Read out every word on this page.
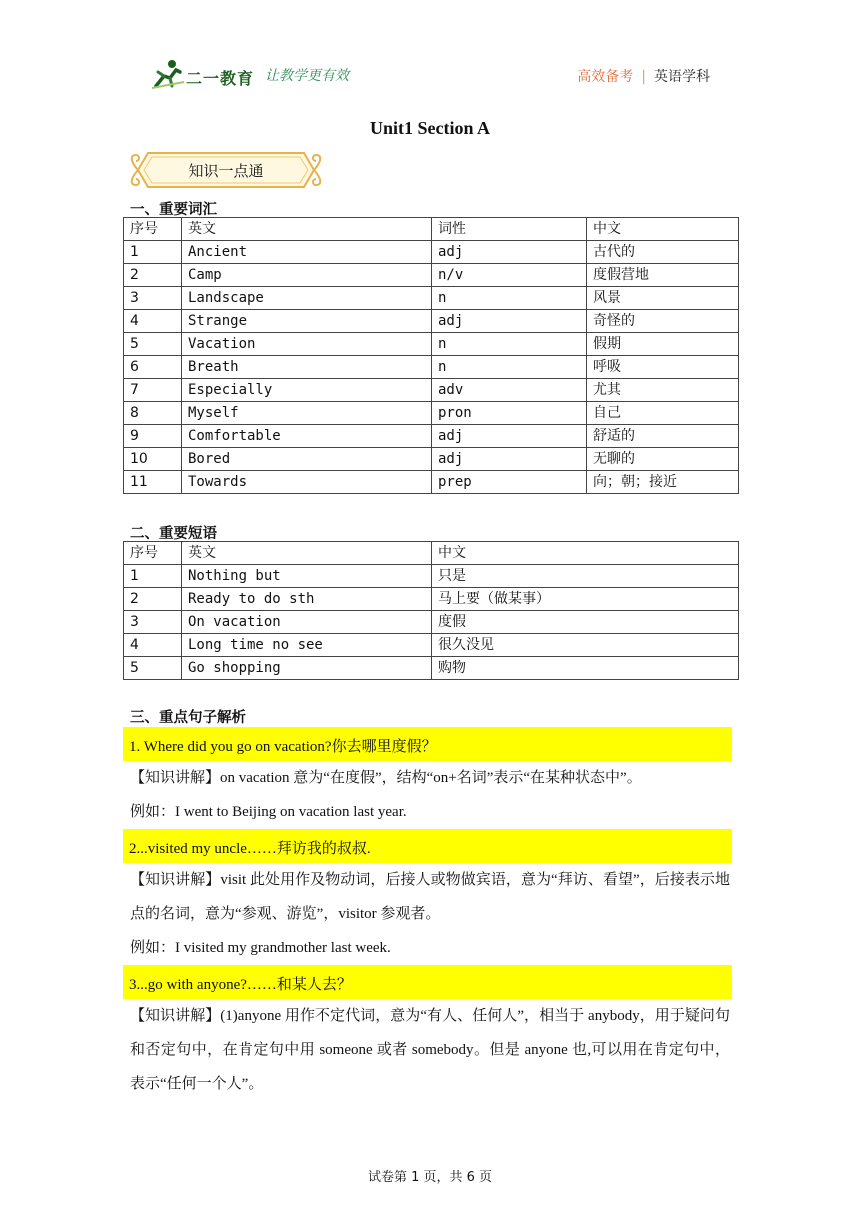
二一教育 让教学更有效	高效备考 | 英语学科
Unit1 Section A
知识一点通
一、重要词汇
序号	英文	词性	中文
1	Ancient	adj	古代的
2	Camp	n/v	度假营地
3	Landscape	n	风景
4	Strange	adj	奇怪的
5	Vacation	n	假期
6	Breath	n	呼吸
7	Especially	adv	尤其
8	Myself	pron	自己
9	Comfortable	adj	舒适的
10	Bored	adj	无聊的
11	Towards	prep	向；朝；接近
二、重要短语
序号	英文	中文
1	Nothing but	只是
2	Ready to do sth	马上要（做某事）
3	On vacation	度假
4	Long time no see	很久没见
5	Go shopping	购物
三、重点句子解析
1. Where did you go on vacation?你去哪里度假？
【知识讲解】on vacation 意为“在度假”，结构“on+名词”表示“在某种状态中”。
例如：I went to Beijing on vacation last year.
2...visited my uncle……拜访我的叔叔.
【知识讲解】visit 此处用作及物动词，后接人或物做宾语，意为“拜访、看望”，后接表示地点的名词，意为“参观、游览”，visitor 参观者。
例如：I visited my grandmother last week.
3...go with anyone?……和某人去？
【知识讲解】(1)anyone 用作不定代词，意为“有人、任何人”，相当于 anybody，用于疑问句和否定句中，在肯定句中用 someone 或者 somebody。但是 anyone 也,可以用在肯定句中，表示“任何一个人”。
试卷第 1 页，共 6 页
